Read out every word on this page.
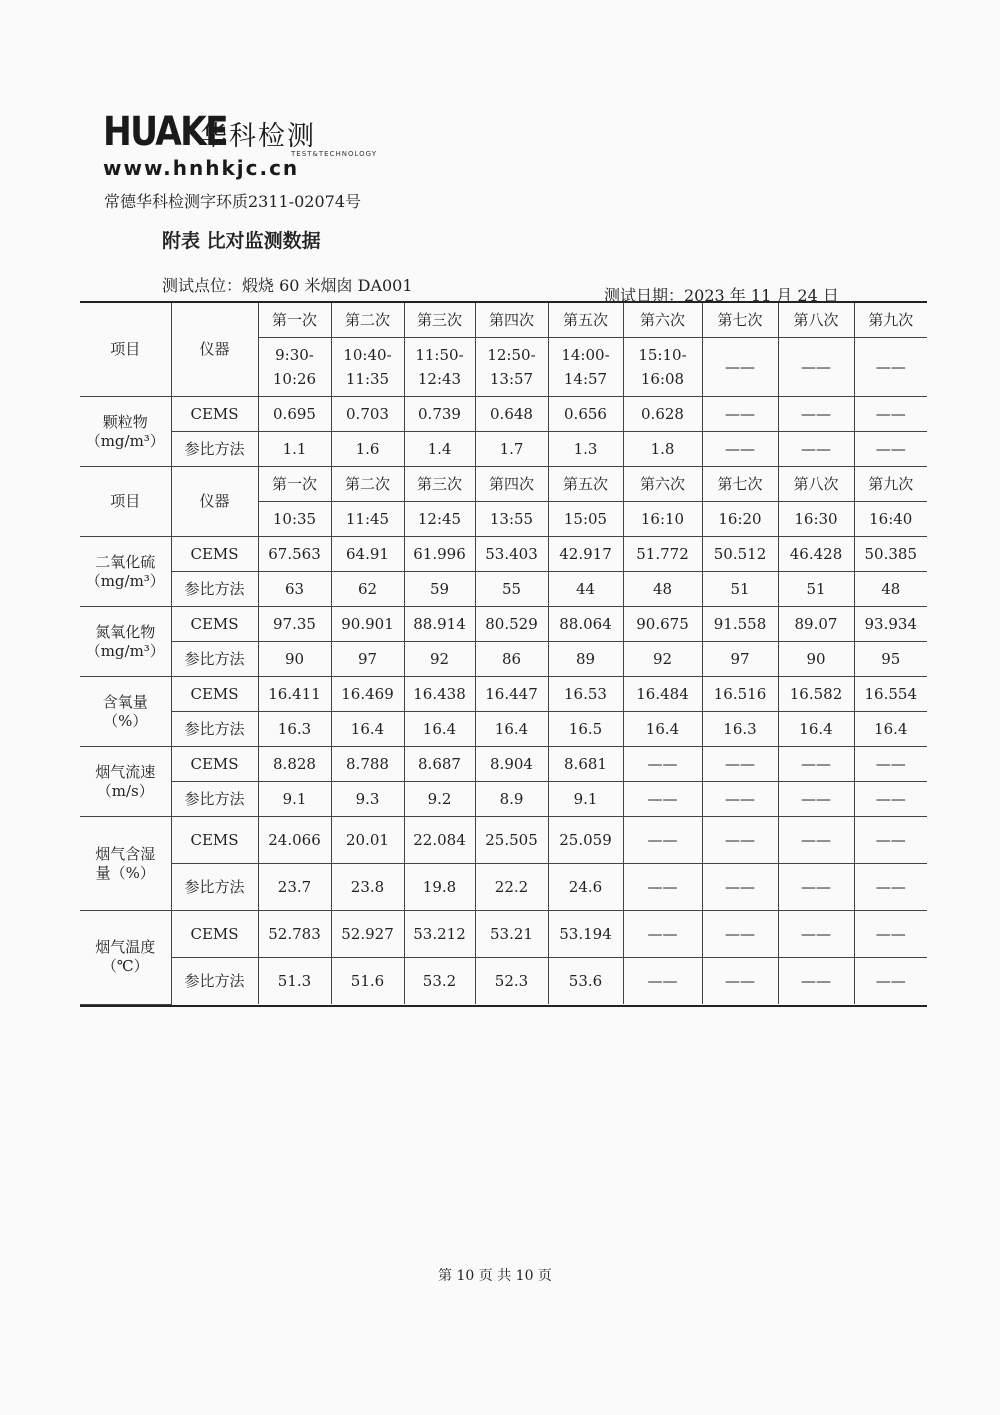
HUAKE
华科检测
TEST&TECHNOLOGY
www.hnhkjc.cn
常德华科检测字环质2311-02074号
附表 比对监测数据
测试点位：煅烧 60 米烟囱 DA001
测试日期：2023 年 11 月 24 日
项目	仪器	第一次	第二次	第三次	第四次	第五次	第六次	第七次	第八次	第九次
		9:30-10:26	10:40-11:35	11:50-12:43	12:50-13:57	14:00-14:57	15:10-16:08	——	——	——

颗粒物
（mg/m³）	CEMS	0.695	0.703	0.739	0.648	0.656	0.628	——	——	——
	参比方法	1.1	1.6	1.4	1.7	1.3	1.8	——	——	——
项目	仪器	第一次	第二次	第三次	第四次	第五次	第六次	第七次	第八次	第九次
		10:35	11:45	12:45	13:55	15:05	16:10	16:20	16:30	16:40

二氧化硫
（mg/m³）	CEMS	67.563	64.91	61.996	53.403	42.917	51.772	50.512	46.428	50.385
	参比方法	63	62	59	55	44	48	51	51	48

氮氧化物
（mg/m³）	CEMS	97.35	90.901	88.914	80.529	88.064	90.675	91.558	89.07	93.934
	参比方法	90	97	92	86	89	92	97	90	95

含氧量
（%）	CEMS	16.411	16.469	16.438	16.447	16.53	16.484	16.516	16.582	16.554
	参比方法	16.3	16.4	16.4	16.4	16.5	16.4	16.3	16.4	16.4

烟气流速
（m/s）	CEMS	8.828	8.788	8.687	8.904	8.681	——	——	——	——
	参比方法	9.1	9.3	9.2	8.9	9.1	——	——	——	——

烟气含湿
量（%）	CEMS	24.066	20.01	22.084	25.505	25.059	——	——	——	——
	参比方法	23.7	23.8	19.8	22.2	24.6	——	——	——	——

烟气温度
（℃）	CEMS	52.783	52.927	53.212	53.21	53.194	——	——	——	——
	参比方法	51.3	51.6	53.2	52.3	53.6	——	——	——	——
第 10 页 共 10 页
